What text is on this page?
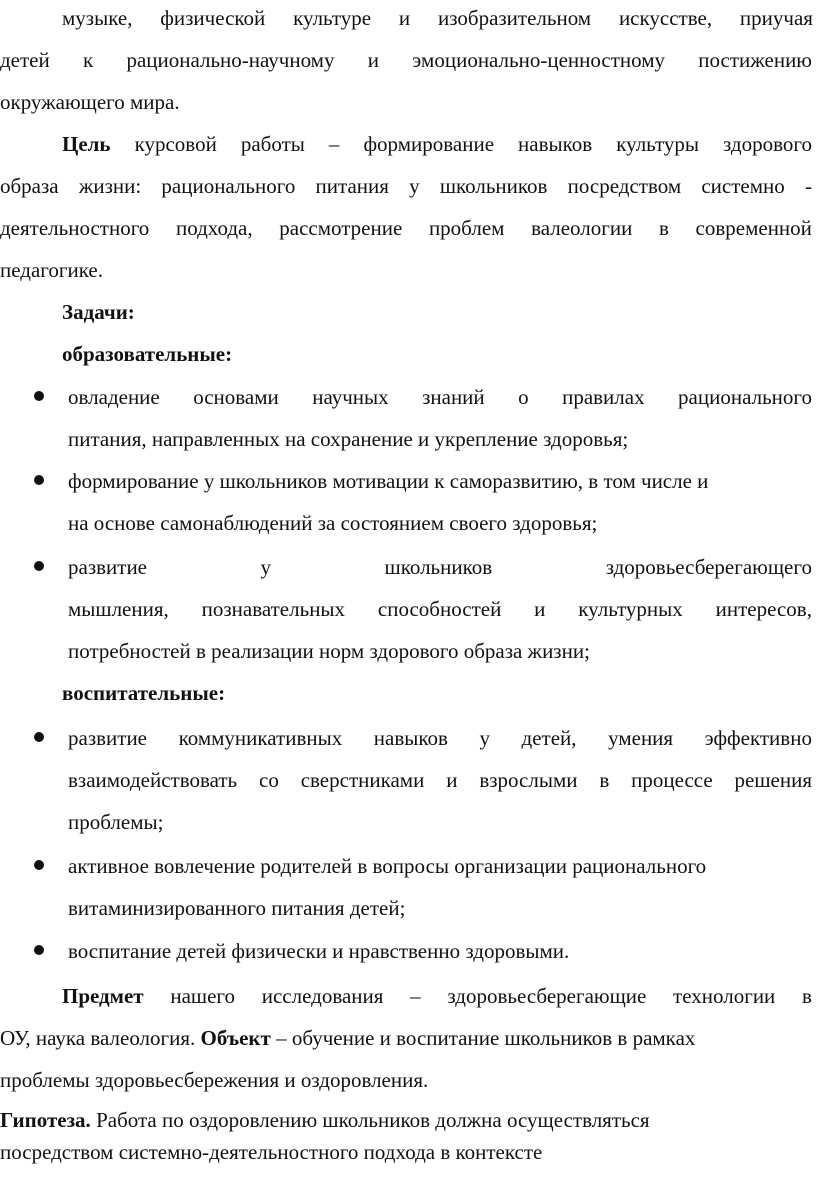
музыке, физической культуре и изобразительном искусстве, приучая
детей к рационально-научному и эмоционально-ценностному постижению
окружающего мира.
Цель курсовой работы – формирование навыков культуры здорового
образа жизни: рационального питания у школьников посредством системно -
деятельностного подхода, рассмотрение проблем валеологии в современной
педагогике.
Задачи:
образовательные:
овладение основами научных знаний о правилах рационального
питания, направленных на сохранение и укрепление здоровья;
формирование у школьников мотивации к саморазвитию, в том числе и
на основе самонаблюдений за состоянием своего здоровья;
развитие	у	школьников	здоровьесберегающего
мышления, познавательных способностей и культурных интересов,
потребностей в реализации норм здорового образа жизни;
воспитательные:
развитие коммуникативных навыков у детей, умения эффективно
взаимодействовать со сверстниками и взрослыми в процессе решения
проблемы;
активное вовлечение родителей в вопросы организации рационального
витаминизированного питания детей;
воспитание детей физически и нравственно здоровыми.
Предмет нашего исследования – здоровьесберегающие технологии в
ОУ, наука валеология. Объект – обучение и воспитание школьников в рамках
проблемы здоровьесбережения и оздоровления.
Гипотеза. Работа по оздоровлению школьников должна осуществляться
посредством системно-деятельностного подхода в контексте
